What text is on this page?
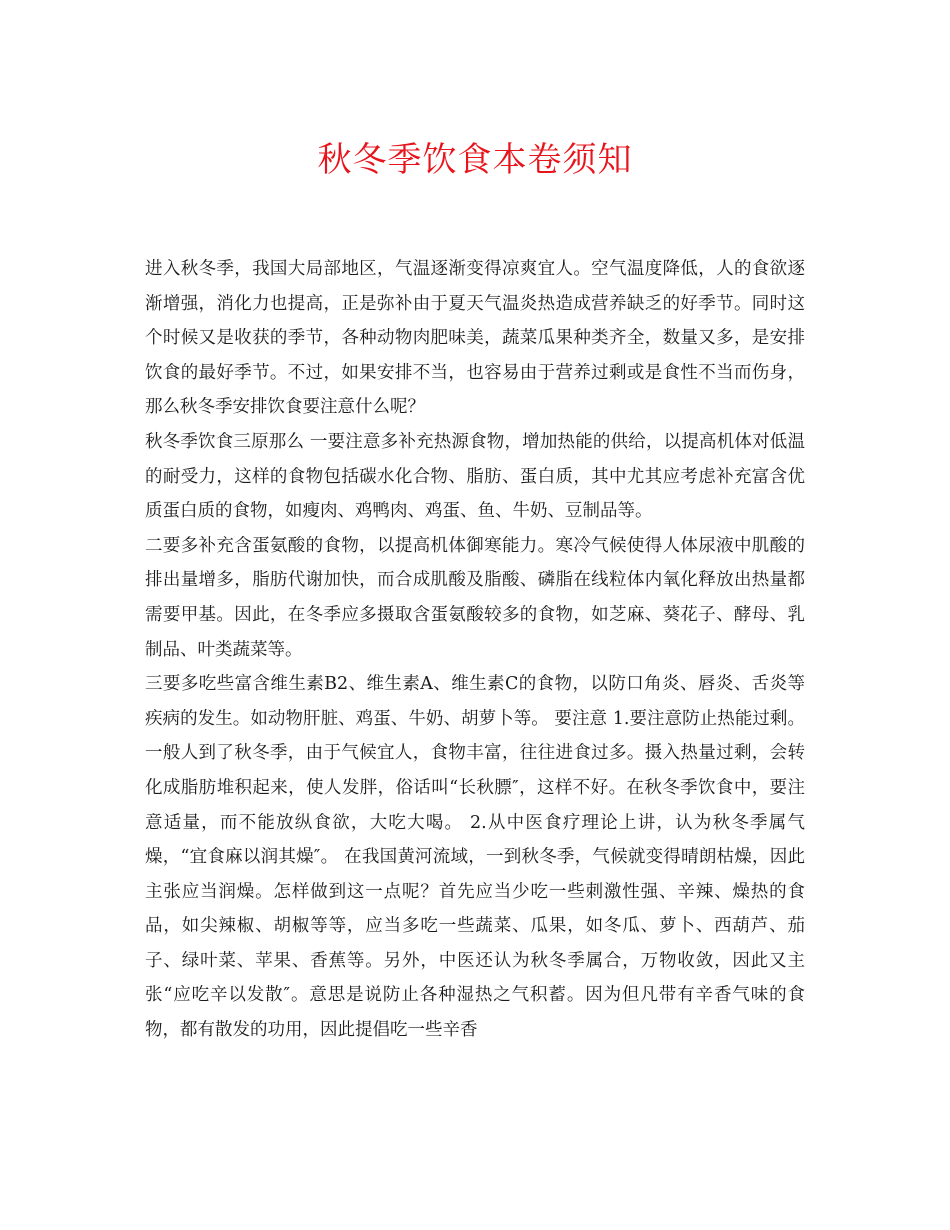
秋冬季饮食本卷须知

进入秋冬季，我国大局部地区，气温逐渐变得凉爽宜人。空气温度降低，人的食欲逐渐增强，消化力也提高，正是弥补由于夏天气温炎热造成营养缺乏的好季节。同时这个时候又是收获的季节，各种动物肉肥味美，蔬菜瓜果种类齐全，数量又多，是安排饮食的最好季节。不过，如果安排不当，也容易由于营养过剩或是食性不当而伤身，那么秋冬季安排饮食要注意什么呢？

秋冬季饮食三原那么 一要注意多补充热源食物，增加热能的供给，以提高机体对低温的耐受力，这样的食物包括碳水化合物、脂肪、蛋白质，其中尤其应考虑补充富含优质蛋白质的食物，如瘦肉、鸡鸭肉、鸡蛋、鱼、牛奶、豆制品等。

二要多补充含蛋氨酸的食物，以提高机体御寒能力。寒冷气候使得人体尿液中肌酸的排出量增多，脂肪代谢加快，而合成肌酸及脂酸、磷脂在线粒体内氧化释放出热量都需要甲基。因此，在冬季应多摄取含蛋氨酸较多的食物，如芝麻、葵花子、酵母、乳制品、叶类蔬菜等。

三要多吃些富含维生素B2、维生素A、维生素C的食物，以防口角炎、唇炎、舌炎等疾病的发生。如动物肝脏、鸡蛋、牛奶、胡萝卜等。 要注意 1.要注意防止热能过剩。 一般人到了秋冬季，由于气候宜人，食物丰富，往往进食过多。摄入热量过剩，会转化成脂肪堆积起来，使人发胖，俗话叫“长秋膘″，这样不好。在秋冬季饮食中，要注意适量，而不能放纵食欲，大吃大喝。 2.从中医食疗理论上讲，认为秋冬季属气燥，“宜食麻以润其燥″。 在我国黄河流域，一到秋冬季，气候就变得晴朗枯燥，因此主张应当润燥。怎样做到这一点呢？首先应当少吃一些刺激性强、辛辣、燥热的食品，如尖辣椒、胡椒等等，应当多吃一些蔬菜、瓜果，如冬瓜、萝卜、西葫芦、茄子、绿叶菜、苹果、香蕉等。另外，中医还认为秋冬季属合，万物收敛，因此又主张“应吃辛以发散″。意思是说防止各种湿热之气积蓄。因为但凡带有辛香气味的食物，都有散发的功用，因此提倡吃一些辛香
